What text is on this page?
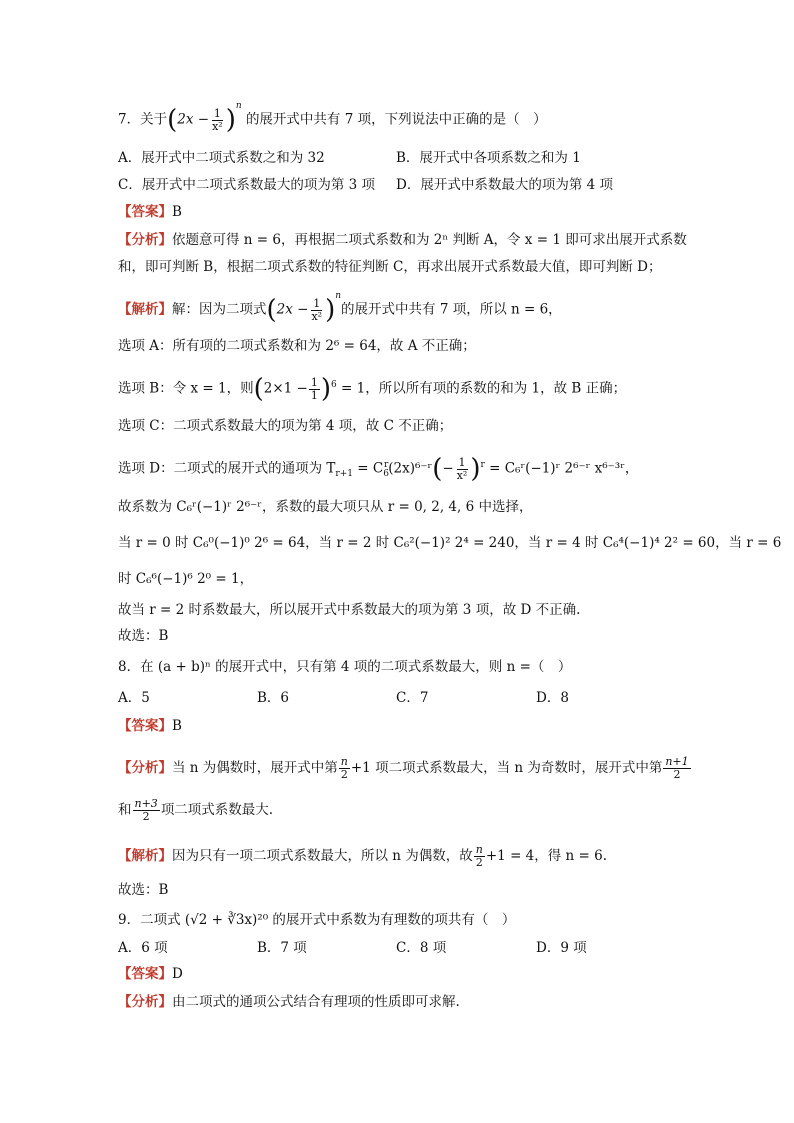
7．关于$(2x - \frac{1}{\text{x²}} )^n$ 的展开式中共有 7 项，下列说法中正确的是（　）
A．展开式中二项式系数之和为 32	B．展开式中各项系数之和为 1
C．展开式中二项式系数最大的项为第 3 项 D．展开式中系数最大的项为第 4 项
【答案】B
【分析】依题意可得 n = 6，再根据二项式系数和为 2ⁿ 判断 A，令 x = 1 即可求出展开式系数
和，即可判断 B，根据二项式系数的特征判断 C，再求出展开式系数最大值，即可判断 D；
【解析】解：因为二项式$(2x - \frac{1}{\text{x²}} )^n$的展开式中共有 7 项，所以 n = 6，
选项 A：所有项的二项式系数和为 2⁶ = 64，故 A 不正确；
选项 B：令 x = 1，则$(2\times 1 - \frac{1}{1} )^6 = 1$，所以所有项的系数的和为 1，故 B 正确；
选项 C：二项式系数最大的项为第 4 项，故 C 不正确；
选项 D：二项式的展开式的通项为 $T_{r+1}$ = $C_6^r(2x)^{6-}ʳ(- \frac{1}{\text{x²}} )^r$ = C₆ʳ(−1)ʳ 2⁶⁻ʳ x⁶⁻³ʳ，
故系数为 C₆ʳ(−1)ʳ 2⁶⁻ʳ，系数的最大项只从 r = 0, 2, 4, 6 中选择，
当 r = 0 时 C₆⁰(−1)⁰ 2⁶ = 64，当 r = 2 时 C₆²(−1)² 2⁴ = 240，当 r = 4 时 C₆⁴(−1)⁴ 2² = 60，当 r = 6
时 C₆⁶(−1)⁶ 2⁰ = 1，
故当 r = 2 时系数最大，所以展开式中系数最大的项为第 3 项，故 D 不正确.
故选：B
8．在 (a + b)ⁿ 的展开式中，只有第 4 项的二项式系数最大，则 n =（　）
A．5	B．6	C．7	D．8
【答案】B
【分析】当 n 为偶数时，展开式中第 $\frac{n}{2} +1$ 项二项式系数最大，当 n 为奇数时，展开式中第 $\frac{n+1}{2}$
和 $\frac{n+3}{2}$ 项二项式系数最大.
【解析】因为只有一项二项式系数最大，所以 n 为偶数，故 $\frac{n}{2} +1 = 4$，得 n = 6.
故选：B
9．二项式 (√2 + ∛3x)²⁰ 的展开式中系数为有理数的项共有（　）
A．6 项	B．7 项	C．8 项	D．9 项
【答案】D
【分析】由二项式的通项公式结合有理项的性质即可求解.
